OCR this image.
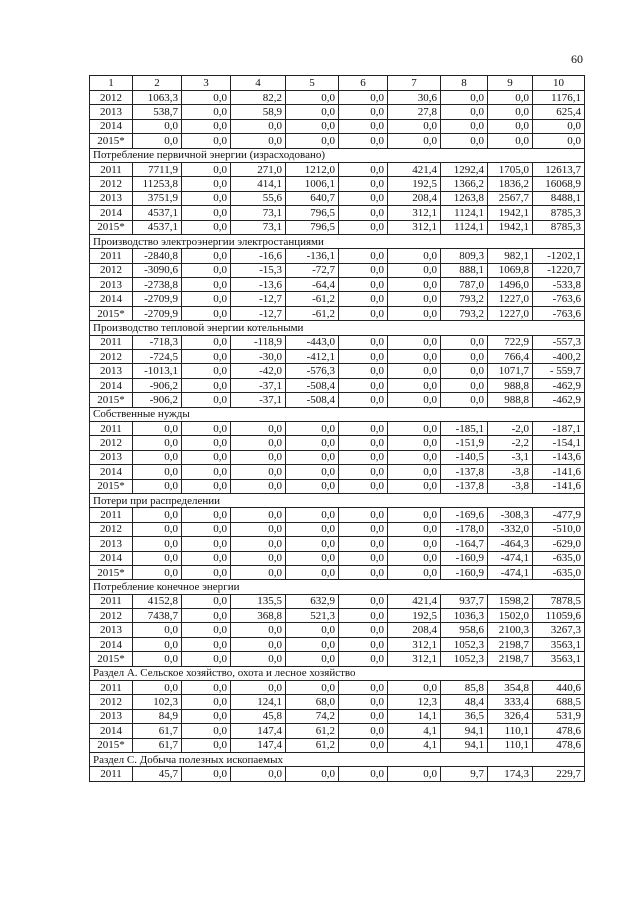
60
1	2	3	4	5	6	7	8	9	10
2012	1063,3	0,0	82,2	0,0	0,0	30,6	0,0	0,0	1176,1
2013	538,7	0,0	58,9	0,0	0,0	27,8	0,0	0,0	625,4
2014	0,0	0,0	0,0	0,0	0,0	0,0	0,0	0,0	0,0
2015*	0,0	0,0	0,0	0,0	0,0	0,0	0,0	0,0	0,0
Потребление первичной энергии (израсходовано)									
2011	7711,9	0,0	271,0	1212,0	0,0	421,4	1292,4	1705,0	12613,7
2012	11253,8	0,0	414,1	1006,1	0,0	192,5	1366,2	1836,2	16068,9
2013	3751,9	0,0	55,6	640,7	0,0	208,4	1263,8	2567,7	8488,1
2014	4537,1	0,0	73,1	796,5	0,0	312,1	1124,1	1942,1	8785,3
2015*	4537,1	0,0	73,1	796,5	0,0	312,1	1124,1	1942,1	8785,3
Производство электроэнергии электростанциями									
2011	-2840,8	0,0	-16,6	-136,1	0,0	0,0	809,3	982,1	-1202,1
2012	-3090,6	0,0	-15,3	-72,7	0,0	0,0	888,1	1069,8	-1220,7
2013	-2738,8	0,0	-13,6	-64,4	0,0	0,0	787,0	1496,0	-533,8
2014	-2709,9	0,0	-12,7	-61,2	0,0	0,0	793,2	1227,0	-763,6
2015*	-2709,9	0,0	-12,7	-61,2	0,0	0,0	793,2	1227,0	-763,6
Производство тепловой энергии котельными									
2011	-718,3	0,0	-118,9	-443,0	0,0	0,0	0,0	722,9	-557,3
2012	-724,5	0,0	-30,0	-412,1	0,0	0,0	0,0	766,4	-400,2
2013	-1013,1	0,0	-42,0	-576,3	0,0	0,0	0,0	1071,7	- 559,7
2014	-906,2	0,0	-37,1	-508,4	0,0	0,0	0,0	988,8	-462,9
2015*	-906,2	0,0	-37,1	-508,4	0,0	0,0	0,0	988,8	-462,9
Собственные нужды									
2011	0,0	0,0	0,0	0,0	0,0	0,0	-185,1	-2,0	-187,1
2012	0,0	0,0	0,0	0,0	0,0	0,0	-151,9	-2,2	-154,1
2013	0,0	0,0	0,0	0,0	0,0	0,0	-140,5	-3,1	-143,6
2014	0,0	0,0	0,0	0,0	0,0	0,0	-137,8	-3,8	-141,6
2015*	0,0	0,0	0,0	0,0	0,0	0,0	-137,8	-3,8	-141,6
Потери при распределении									
2011	0,0	0,0	0,0	0,0	0,0	0,0	-169,6	-308,3	-477,9
2012	0,0	0,0	0,0	0,0	0,0	0,0	-178,0	-332,0	-510,0
2013	0,0	0,0	0,0	0,0	0,0	0,0	-164,7	-464,3	-629,0
2014	0,0	0,0	0,0	0,0	0,0	0,0	-160,9	-474,1	-635,0
2015*	0,0	0,0	0,0	0,0	0,0	0,0	-160,9	-474,1	-635,0
Потребление конечное энергии									
2011	4152,8	0,0	135,5	632,9	0,0	421,4	937,7	1598,2	7878,5
2012	7438,7	0,0	368,8	521,3	0,0	192,5	1036,3	1502,0	11059,6
2013	0,0	0,0	0,0	0,0	0,0	208,4	958,6	2100,3	3267,3
2014	0,0	0,0	0,0	0,0	0,0	312,1	1052,3	2198,7	3563,1
2015*	0,0	0,0	0,0	0,0	0,0	312,1	1052,3	2198,7	3563,1
Раздел А. Сельское хозяйство, охота и лесное хозяйство									
2011	0,0	0,0	0,0	0,0	0,0	0,0	85,8	354,8	440,6
2012	102,3	0,0	124,1	68,0	0,0	12,3	48,4	333,4	688,5
2013	84,9	0,0	45,8	74,2	0,0	14,1	36,5	326,4	531,9
2014	61,7	0,0	147,4	61,2	0,0	4,1	94,1	110,1	478,6
2015*	61,7	0,0	147,4	61,2	0,0	4,1	94,1	110,1	478,6
Раздел С. Добыча полезных ископаемых									
2011	45,7	0,0	0,0	0,0	0,0	0,0	9,7	174,3	229,7
